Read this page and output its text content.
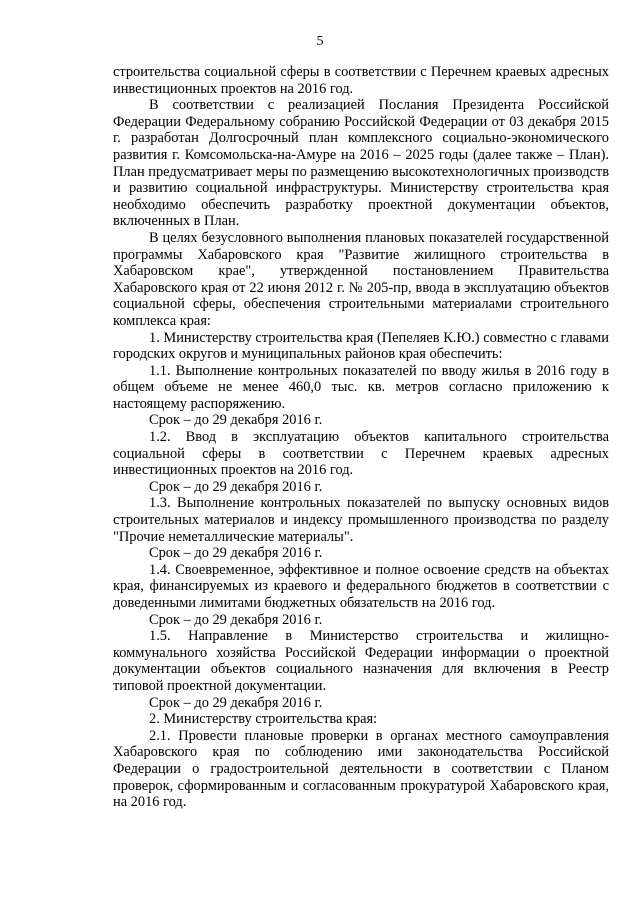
5

строительства социальной сферы в соответствии с Перечнем краевых адресных инвестиционных проектов на 2016 год.

В соответствии с реализацией Послания Президента Российской Федерации Федеральному собранию Российской Федерации от 03 декабря 2015 г. разработан Долгосрочный план комплексного социально-экономического развития г. Комсомольска-на-Амуре на 2016 – 2025 годы (далее также – План). План предусматривает меры по размещению высокотехнологичных производств и развитию социальной инфраструктуры. Министерству строительства края необходимо обеспечить разработку проектной документации объектов, включенных в План.

В целях безусловного выполнения плановых показателей государственной программы Хабаровского края "Развитие жилищного строительства в Хабаровском крае", утвержденной постановлением Правительства Хабаровского края от 22 июня 2012 г. № 205-пр, ввода в эксплуатацию объектов социальной сферы, обеспечения строительными материалами строительного комплекса края:

1. Министерству строительства края (Пепеляев К.Ю.) совместно с главами городских округов и муниципальных районов края обеспечить:

1.1. Выполнение контрольных показателей по вводу жилья в 2016 году в общем объеме не менее 460,0 тыс. кв. метров согласно приложению к настоящему распоряжению.

Срок – до 29 декабря 2016 г.

1.2. Ввод в эксплуатацию объектов капитального строительства социальной сферы в соответствии с Перечнем краевых адресных инвестиционных проектов на 2016 год.

Срок – до 29 декабря 2016 г.

1.3. Выполнение контрольных показателей по выпуску основных видов строительных материалов и индексу промышленного производства по разделу "Прочие неметаллические материалы".

Срок – до 29 декабря 2016 г.

1.4. Своевременное, эффективное и полное освоение средств на объектах края, финансируемых из краевого и федерального бюджетов в соответствии с доведенными лимитами бюджетных обязательств на 2016 год.

Срок – до 29 декабря 2016 г.

1.5. Направление в Министерство строительства и жилищно-коммунального хозяйства Российской Федерации информации о проектной документации объектов социального назначения для включения в Реестр типовой проектной документации.

Срок – до 29 декабря 2016 г.

2. Министерству строительства края:

2.1. Провести плановые проверки в органах местного самоуправления Хабаровского края по соблюдению ими законодательства Российской Федерации о градостроительной деятельности в соответствии с Планом проверок, сформированным и согласованным прокуратурой Хабаровского края, на 2016 год.
